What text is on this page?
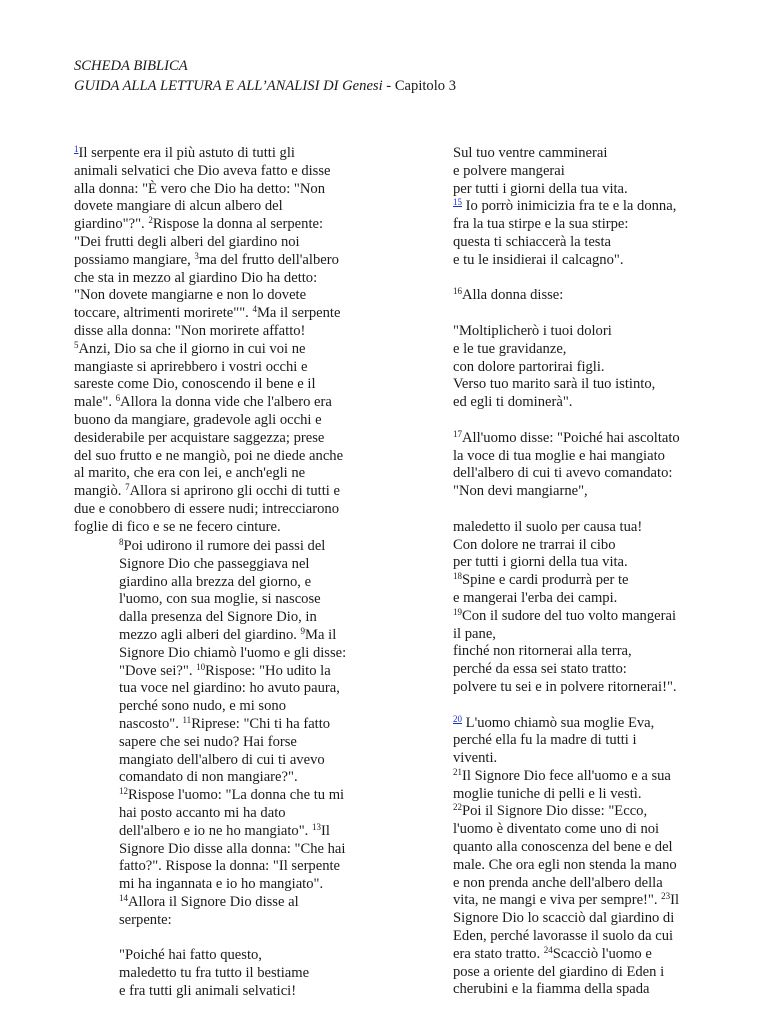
SCHEDA BIBLICA
GUIDA ALLA LETTURA E ALL’ANALISI DI Genesi - Capitolo 3
$^1$Il serpente era il più astuto di tutti gli
animali selvatici che Dio aveva fatto e disse
alla donna: "È vero che Dio ha detto: "Non
dovete mangiare di alcun albero del
giardino"?". $^2$Rispose la donna al serpente:
"Dei frutti degli alberi del giardino noi
possiamo mangiare, $^3$ma del frutto dell'albero
che sta in mezzo al giardino Dio ha detto:
"Non dovete mangiarne e non lo dovete
toccare, altrimenti morirete"". $^4$Ma il serpente
disse alla donna: "Non morirete affatto!
$^5$Anzi, Dio sa che il giorno in cui voi ne
mangiaste si aprirebbero i vostri occhi e
sareste come Dio, conoscendo il bene e il
male". $^6$Allora la donna vide che l'albero era
buono da mangiare, gradevole agli occhi e
desiderabile per acquistare saggezza; prese
del suo frutto e ne mangiò, poi ne diede anche
al marito, che era con lei, e anch'egli ne
mangiò. $^7$Allora si aprirono gli occhi di tutti e
due e conobbero di essere nudi; intrecciarono
foglie di fico e se ne fecero cinture.
$^8$Poi udirono il rumore dei passi del
Signore Dio che passeggiava nel
giardino alla brezza del giorno, e
l'uomo, con sua moglie, si nascose
dalla presenza del Signore Dio, in
mezzo agli alberi del giardino. $^9$Ma il
Signore Dio chiamò l'uomo e gli disse:
"Dove sei?". $^{10}$Rispose: "Ho udito la
tua voce nel giardino: ho avuto paura,
perché sono nudo, e mi sono
nascosto". $^{11}$Riprese: "Chi ti ha fatto
sapere che sei nudo? Hai forse
mangiato dell'albero di cui ti avevo
comandato di non mangiare?".
$^{12}$Rispose l'uomo: "La donna che tu mi
hai posto accanto mi ha dato
dell'albero e io ne ho mangiato". $^{13}$Il
Signore Dio disse alla donna: "Che hai
fatto?". Rispose la donna: "Il serpente
mi ha ingannata e io ho mangiato".
$^{14}$Allora il Signore Dio disse al
serpente:
"Poiché hai fatto questo,
maledetto tu fra tutto il bestiame
e fra tutti gli animali selvatici!
Sul tuo ventre camminerai
e polvere mangerai
per tutti i giorni della tua vita.
$^{15}$ Io porrò inimicizia fra te e la donna,
fra la tua stirpe e la sua stirpe:
questa ti schiaccerà la testa
e tu le insidierai il calcagno".
$^{16}$Alla donna disse:
"Moltiplicherò i tuoi dolori
e le tue gravidanze,
con dolore partorirai figli.
Verso tuo marito sarà il tuo istinto,
ed egli ti dominerà".
$^{17}$All'uomo disse: "Poiché hai ascoltato
la voce di tua moglie e hai mangiato
dell'albero di cui ti avevo comandato:
"Non devi mangiarne",
maledetto il suolo per causa tua!
Con dolore ne trarrai il cibo
per tutti i giorni della tua vita.
$^{18}$Spine e cardi produrrà per te
e mangerai l'erba dei campi.
$^{19}$Con il sudore del tuo volto mangerai
il pane,
finché non ritornerai alla terra,
perché da essa sei stato tratto:
polvere tu sei e in polvere ritornerai!".
$^{20}$ L'uomo chiamò sua moglie Eva,
perché ella fu la madre di tutti i
viventi.
$^{21}$Il Signore Dio fece all'uomo e a sua
moglie tuniche di pelli e li vestì.
$^{22}$Poi il Signore Dio disse: "Ecco,
l'uomo è diventato come uno di noi
quanto alla conoscenza del bene e del
male. Che ora egli non stenda la mano
e non prenda anche dell'albero della
vita, ne mangi e viva per sempre!". $^{23}$Il
Signore Dio lo scacciò dal giardino di
Eden, perché lavorasse il suolo da cui
era stato tratto. $^{24}$Scacciò l'uomo e
pose a oriente del giardino di Eden i
cherubini e la fiamma della spada
